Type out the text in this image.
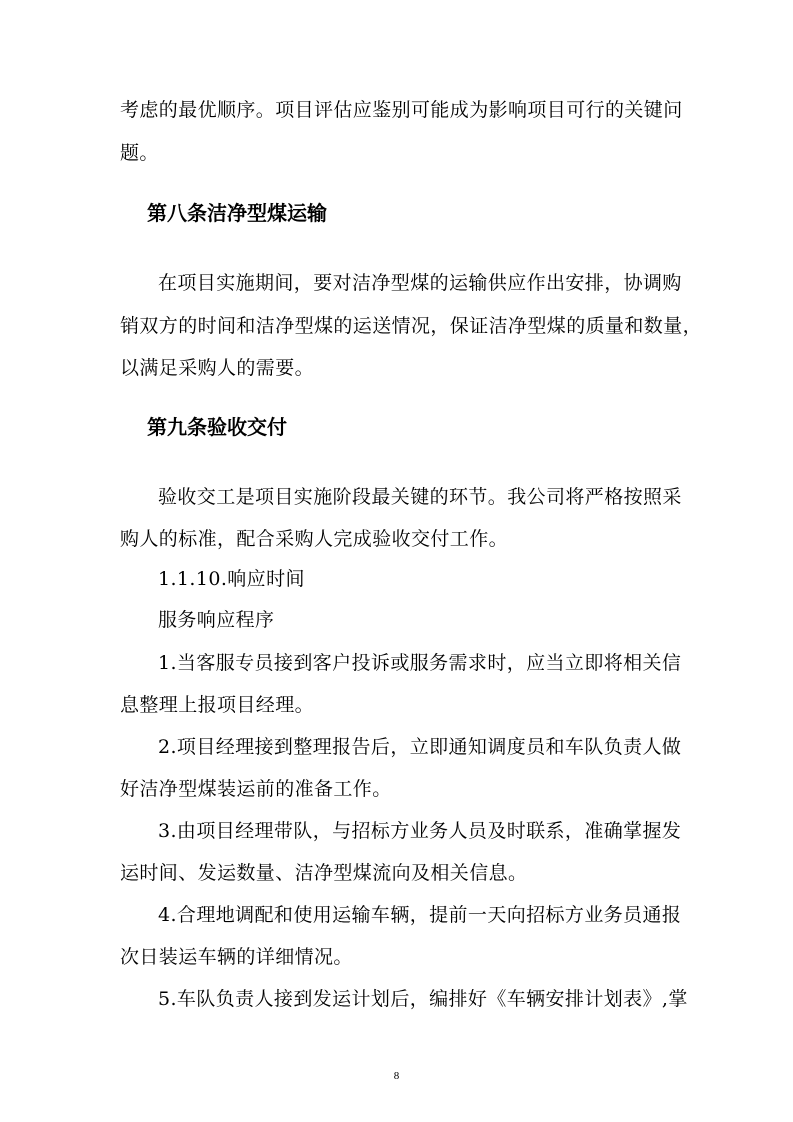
考虑的最优顺序。项目评估应鉴别可能成为影响项目可行的关键问
题。
第八条洁净型煤运输
在项目实施期间，要对洁净型煤的运输供应作出安排，协调购
销双方的时间和洁净型煤的运送情况，保证洁净型煤的质量和数量，
以满足采购人的需要。
第九条验收交付
验收交工是项目实施阶段最关键的环节。我公司将严格按照采
购人的标准，配合采购人完成验收交付工作。
1.1.10.响应时间
服务响应程序
1.当客服专员接到客户投诉或服务需求时，应当立即将相关信
息整理上报项目经理。
2.项目经理接到整理报告后，立即通知调度员和车队负责人做
好洁净型煤装运前的准备工作。
3.由项目经理带队，与招标方业务人员及时联系，准确掌握发
运时间、发运数量、洁净型煤流向及相关信息。
4.合理地调配和使用运输车辆，提前一天向招标方业务员通报
次日装运车辆的详细情况。
5.车队负责人接到发运计划后，编排好《车辆安排计划表》,掌
8
